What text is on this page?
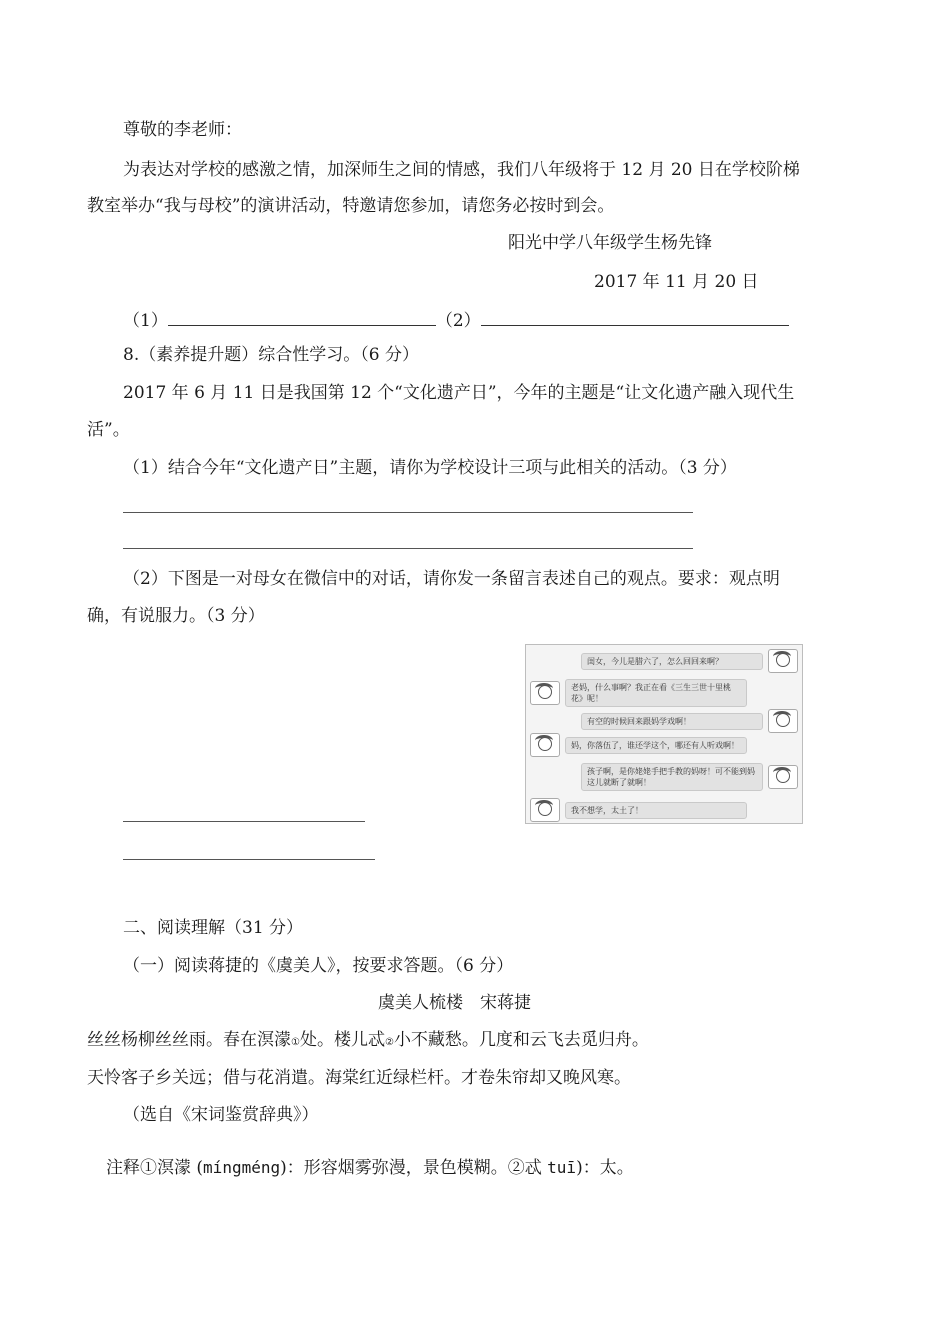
尊敬的李老师：
为表达对学校的感激之情，加深师生之间的情感，我们八年级将于 12 月 20 日在学校阶梯
教室举办“我与母校”的演讲活动，特邀请您参加，请您务必按时到会。
阳光中学八年级学生杨先锋
2017 年 11 月 20 日
（1）	（2）
8.（素养提升题）综合性学习。（6 分）
2017 年 6 月 11 日是我国第 12 个“文化遗产日”，今年的主题是“让文化遗产融入现代生
活”。
（1）结合今年“文化遗产日”主题，请你为学校设计三项与此相关的活动。（3 分）
（2）下图是一对母女在微信中的对话，请你发一条留言表述自己的观点。要求：观点明
确，有说服力。（3 分）
闺女，今儿是腊六了，怎么回回来啊？
老妈，什么事啊？我正在看《三生三世十里桃花》呢！
有空的时候回来跟妈学戏啊！
妈，你落伍了，谁还学这个，哪还有人听戏啊！
孩子啊，是你姥姥手把手教的妈呀！可不能到妈这儿就断了就啊！
我不想学，太土了！
二、阅读理解（31 分）
（一）阅读蒋捷的《虞美人》，按要求答题。（6 分）
虞美人梳楼　宋蒋捷
丝丝杨柳丝丝雨。春在溟濛①处。楼儿忒②小不藏愁。几度和云飞去觅归舟。
天怜客子乡关远；借与花消遣。海棠红近绿栏杆。才卷朱帘却又晚风寒。
（选自《宋词鉴赏辞典》）
注释①溟濛 (míngméng)：形容烟雾弥漫，景色模糊。②忒 tuī)：太。
